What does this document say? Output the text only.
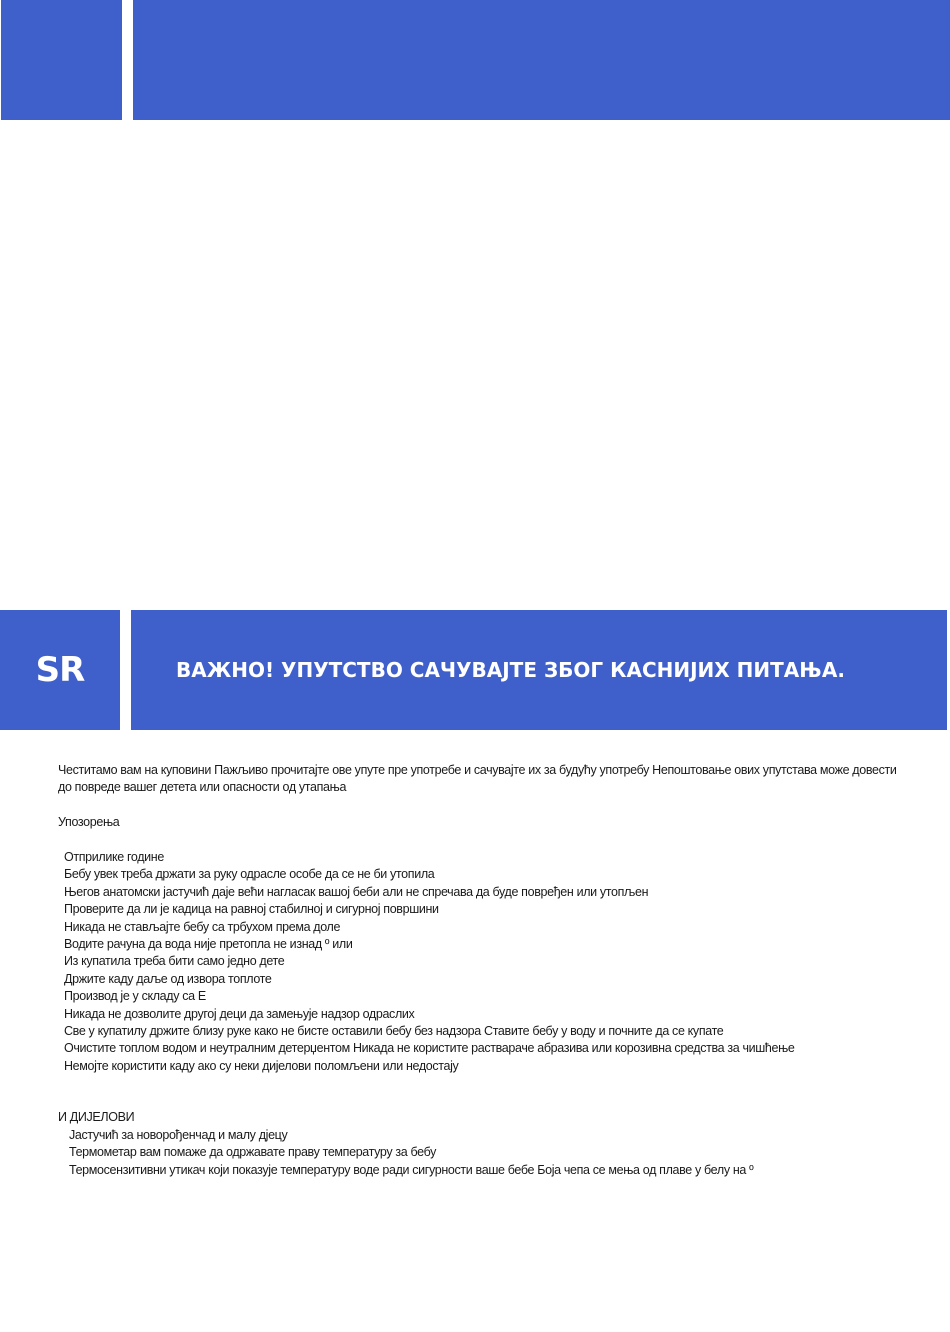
SR	ВАЖНО! УПУТСТВО САЧУВАЈТЕ ЗБОГ КАСНИЈИХ ПИТАЊА.
Честитамо вам на куповини Пажљиво прочитајте ове упуте пре употребе и сачувајте их за будућу употребу Непоштовање ових упутстава може довести до повреде вашег детета или опасности од утапања
Упозорења
Отприлике године
Бебу увек треба држати за руку одрасле особе да се не би утопила
Његов анатомски јастучић даје већи нагласак вашој беби али не спречава да буде повређен или утопљен
Проверите да ли је кадица на равној стабилној и сигурној површини
Никада не стављајте бебу са трбухом према доле
Водите рачуна да вода није претопла не изнад º или
Из купатила треба бити само једно дете
Држите каду даље од извора топлоте
Производ је у складу са Е
Никада не дозволите другој деци да замењује надзор одраслих
Све у купатилу држите близу руке како не бисте оставили бебу без надзора Ставите бебу у воду и почните да се купате
Очистите топлом водом и неутралним детерџентом Никада не користите раствараче абразива или корозивна средства за чишћење
Немојте користити каду ако су неки дијелови поломљени или недостају
И ДИЈЕЛОВИ
Јастучић за новорођенчад и малу дјецу
Термометар вам помаже да одржавате праву температуру за бебу
Термосензитивни утикач који показује температуру воде ради сигурности ваше бебе Боја чепа се мења од плаве у белу на º
